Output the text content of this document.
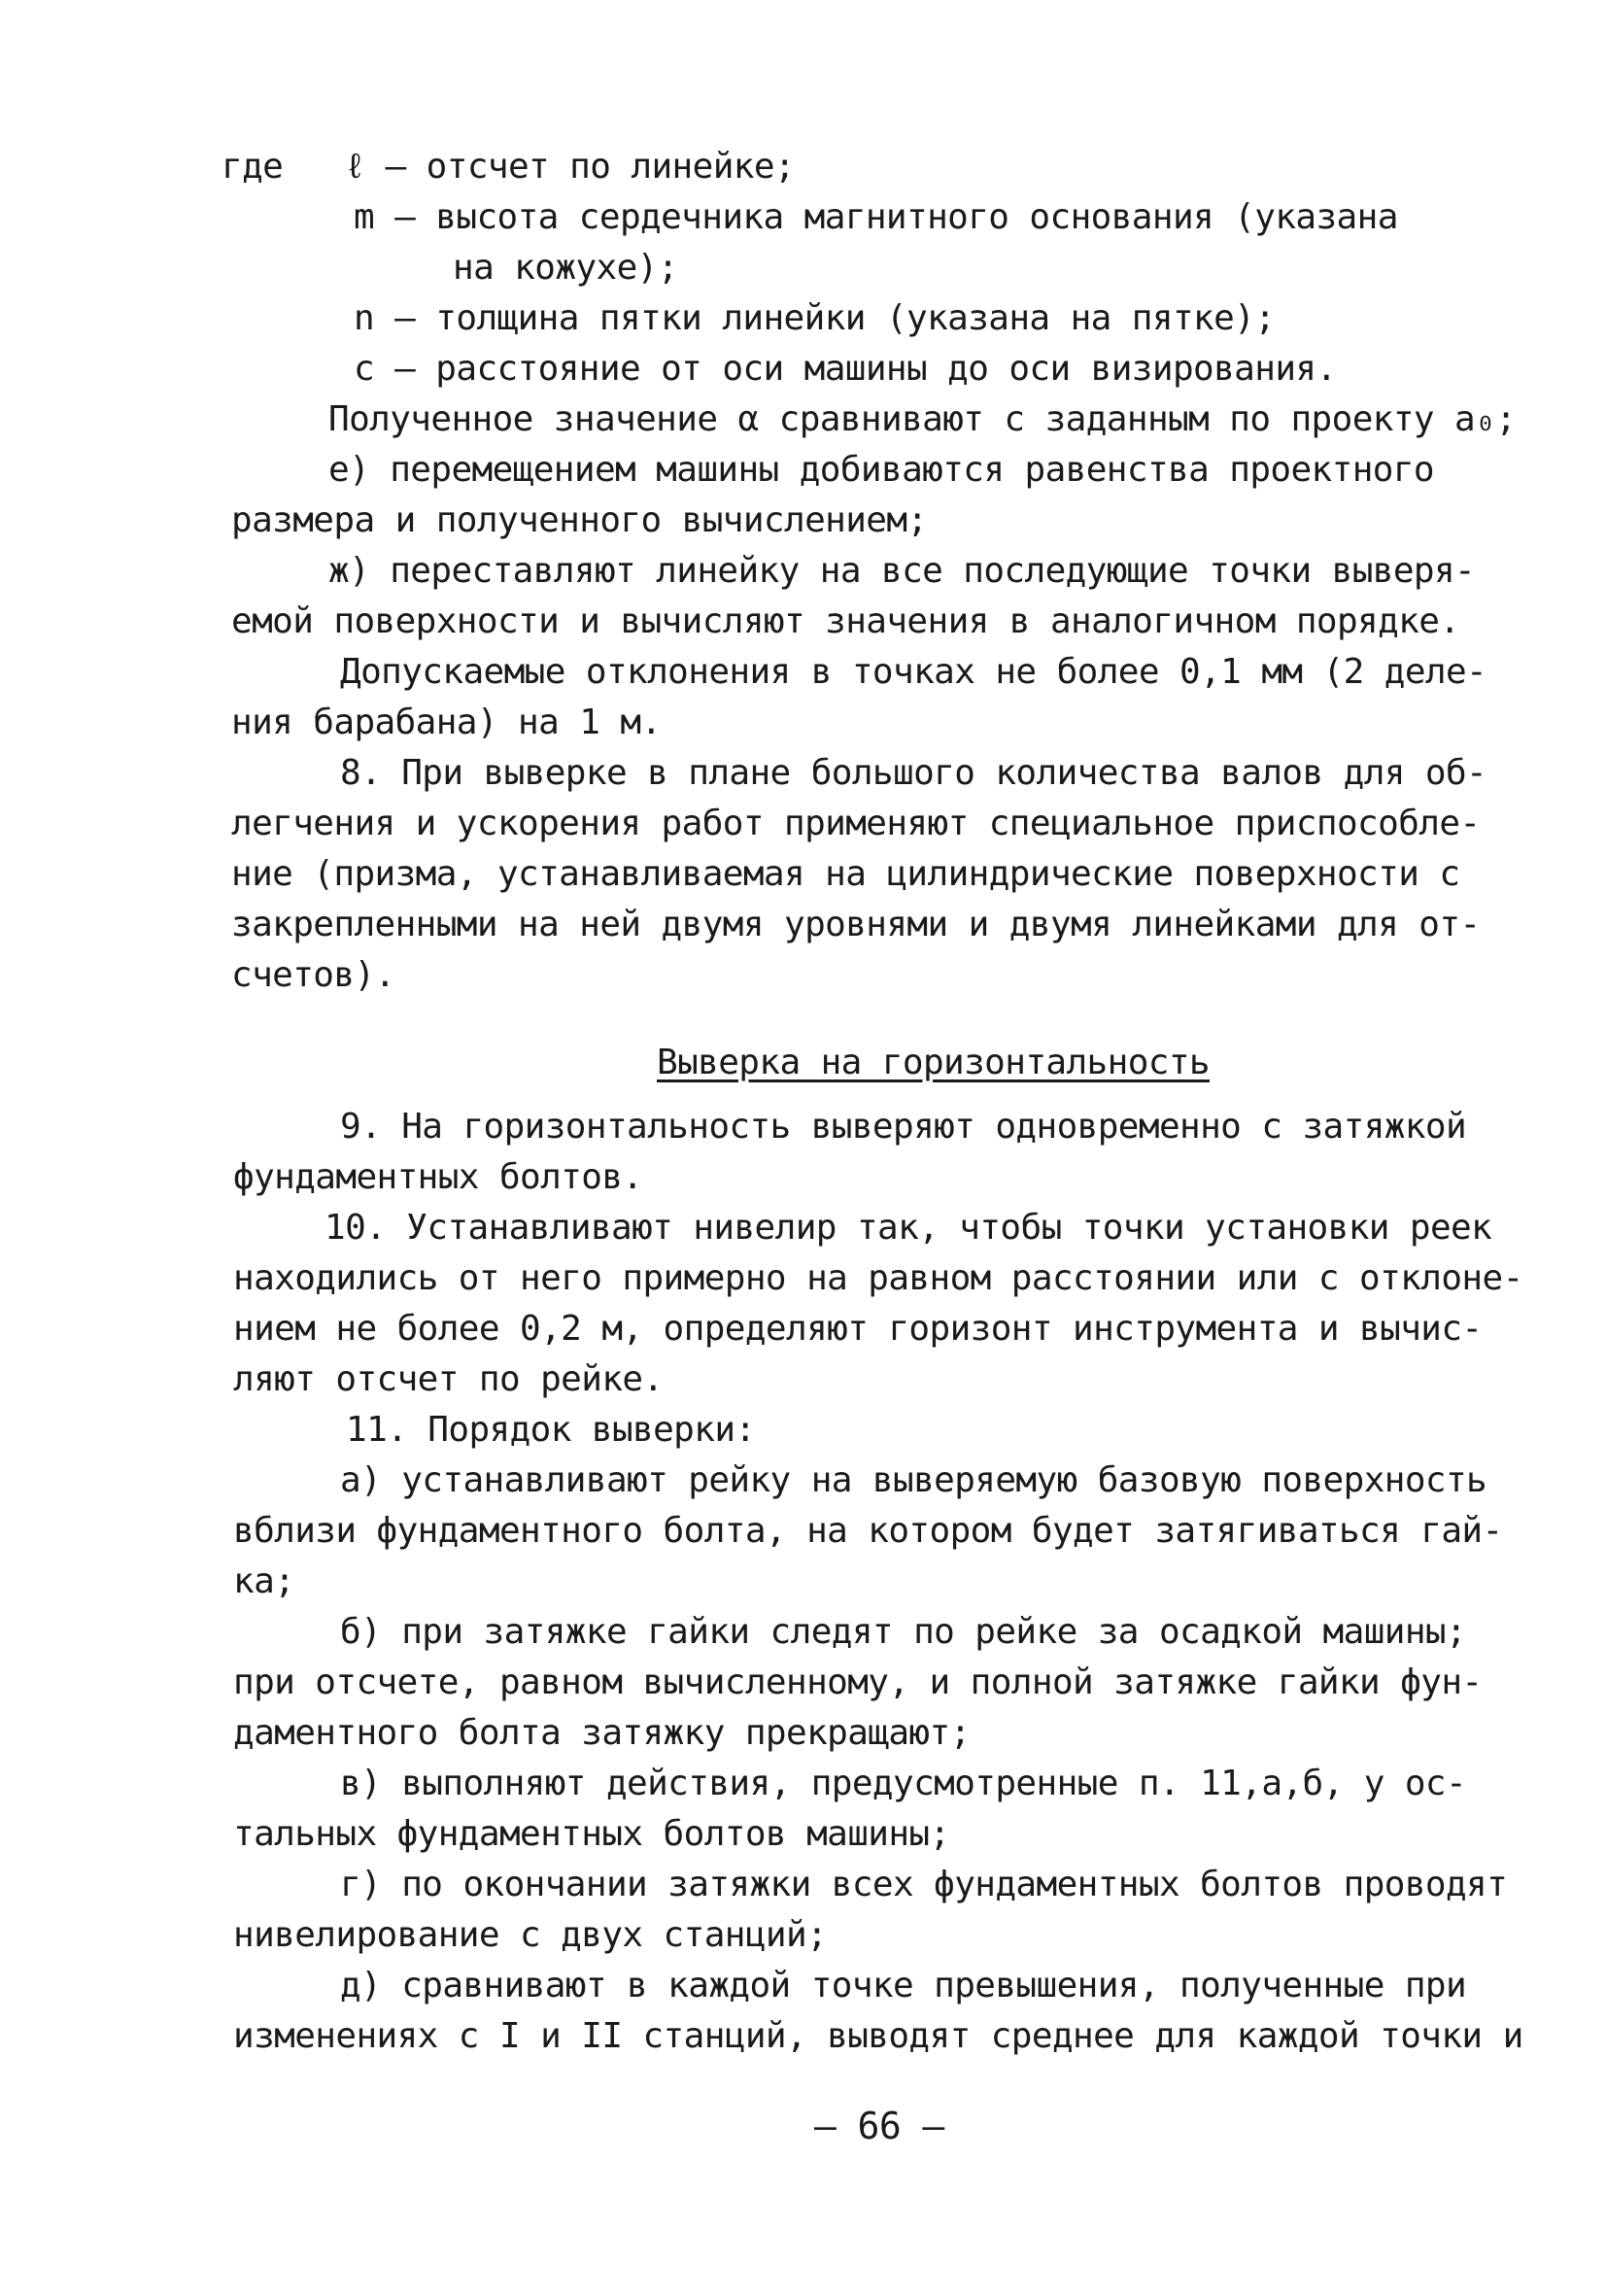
где   ℓ – отсчет по линейке;
m – высота сердечника магнитного основания (указана
на кожухе);
n – толщина пятки линейки (указана на пятке);
c – расстояние от оси машины до оси визирования.
Полученное значение α сравнивают с заданным по проекту a₀;
е) перемещением машины добиваются равенства проектного
размера и полученного вычислением;
ж) переставляют линейку на все последующие точки выверя-
емой поверхности и вычисляют значения в аналогичном порядке.
Допускаемые отклонения в точках не более 0,1 мм (2 деле-
ния барабана) на 1 м.
8. При выверке в плане большого количества валов для об-
легчения и ускорения работ применяют специальное приспособле-
ние (призма, устанавливаемая на цилиндрические поверхности с
закрепленными на ней двумя уровнями и двумя линейками для от-
счетов).
Выверка на горизонтальность
9. На горизонтальность выверяют одновременно с затяжкой
фундаментных болтов.
10. Устанавливают нивелир так, чтобы точки установки реек
находились от него примерно на равном расстоянии или с отклоне-
нием не более 0,2 м, определяют горизонт инструмента и вычис-
ляют отсчет по рейке.
11. Порядок выверки:
а) устанавливают рейку на выверяемую базовую поверхность
вблизи фундаментного болта, на котором будет затягиваться гай-
ка;
б) при затяжке гайки следят по рейке за осадкой машины;
при отсчете, равном вычисленному, и полной затяжке гайки фун-
даментного болта затяжку прекращают;
в) выполняют действия, предусмотренные п. 11,а,б, у ос-
тальных фундаментных болтов машины;
г) по окончании затяжки всех фундаментных болтов проводят
нивелирование с двух станций;
д) сравнивают в каждой точке превышения, полученные при
изменениях с I и II станций, выводят среднее для каждой точки и
– 66 –
